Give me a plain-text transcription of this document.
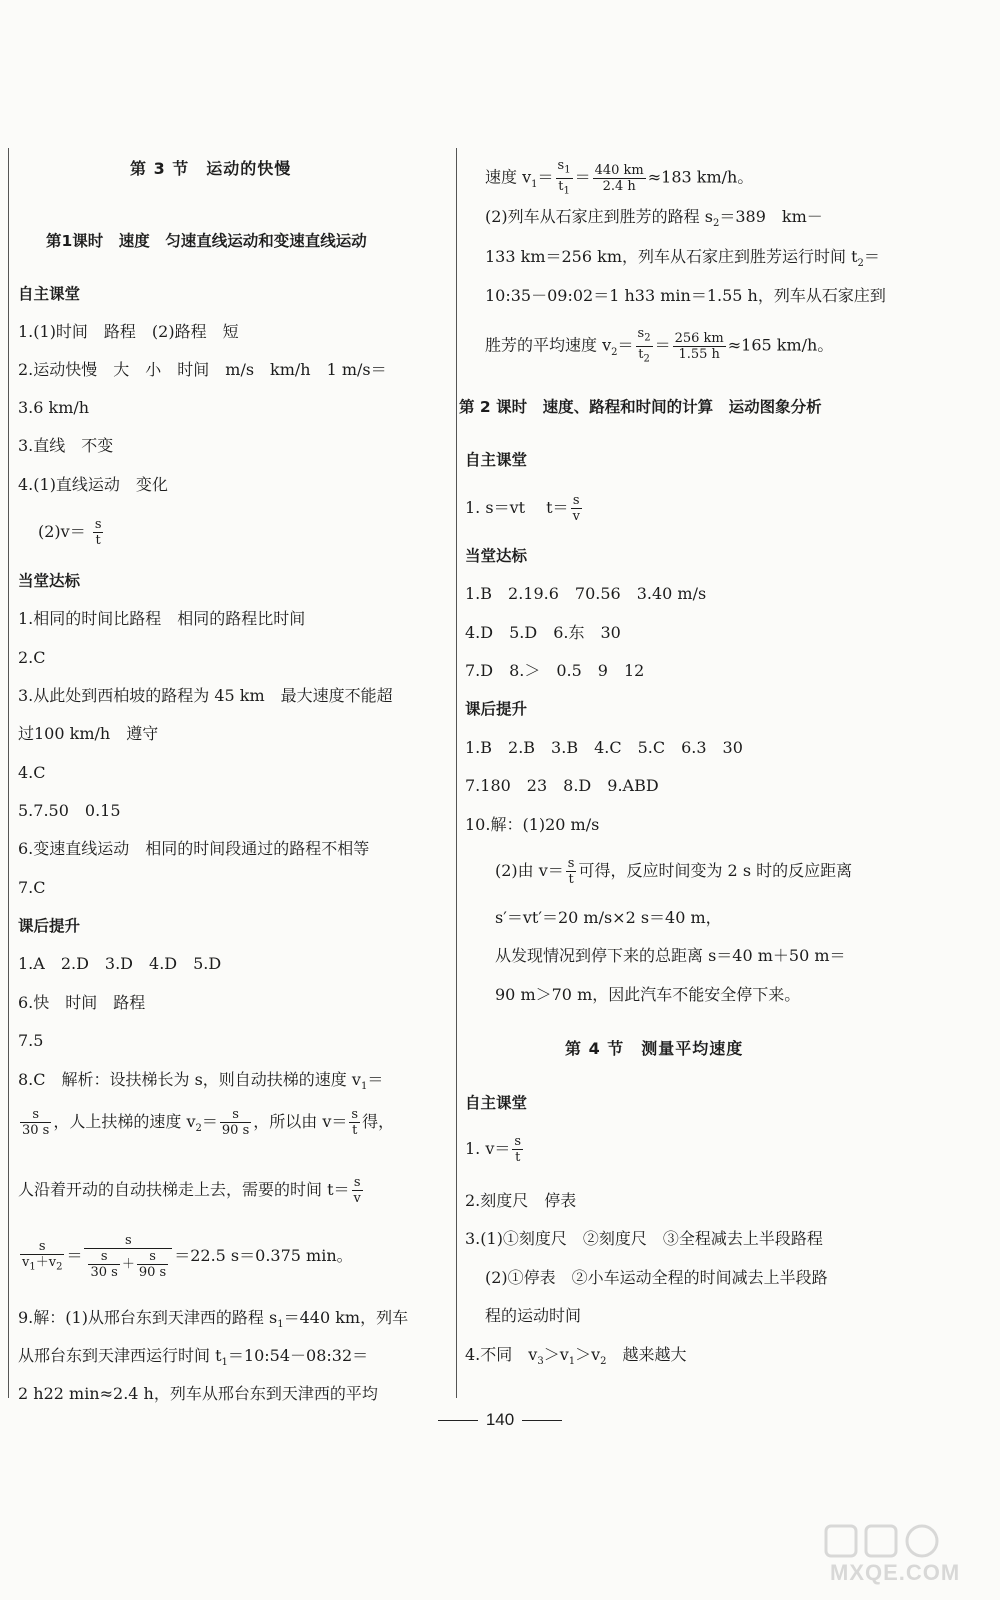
第 3 节　运动的快慢
第1课时　速度　匀速直线运动和变速直线运动
自主课堂
1.(1)时间　路程　(2)路程　短
2.运动快慢　大　小　时间　m/s　km/h　1 m/s＝
3.6 km/h
3.直线　不变
4.(1)直线运动　变化
$(2)v= \frac{s}{t}$
当堂达标
1.相同的时间比路程　相同的路程比时间
2.C
3.从此处到西柏坡的路程为 45 km　最大速度不能超
过100 km/h　遵守
4.C
5.7.50　0.15
6.变速直线运动　相同的时间段通过的路程不相等
7.C
课后提升
1.A　2.D　3.D　4.D　5.D
6.快　时间　路程
7.5
8.C　解析：设扶梯长为 s，则自动扶梯的速度 $v_1=$
$\frac{s}{30 s}$ ，人上扶梯的速度 $v_2= \frac{s}{90 s}$ ，所以由 $v= \frac{s}{t}$ 得，
人沿着开动的自动扶梯走上去，需要的时间 $t= \frac{s}{v}$
$\frac{s}{v_1+v_2} = \frac{s}{\frac{s}{30 s} + \frac{s}{90 s}} =22.5$ s＝0.375 min。
9.解：(1)从邢台东到天津西的路程 $s_1=440$ km，列车
从邢台东到天津西运行时间 $t_1=10:54-08:32=$
2 h22 min≈2.4 h，列车从邢台东到天津西的平均
速度 $v_1= \frac{s_1}{t_1} = \frac{440 km}{2.4 h} \approx 183$ km/h。
(2)列车从石家庄到胜芳的路程 $s_2=389$　km－
133 km＝256 km，列车从石家庄到胜芳运行时间 $t_2=$
10:35－09:02＝1 h33 min＝1.55 h，列车从石家庄到
胜芳的平均速度 $v_2= \frac{s_2}{t_2} = \frac{256 km}{1.55 h} \approx 165$ km/h。
第 2 课时　速度、路程和时间的计算　运动图象分析
自主课堂
1. s＝vt　 $t= \frac{s}{v}$
当堂达标
1.B　2.19.6　70.56　3.40 m/s
4.D　5.D　6.东　30
7.D　8.＞　0.5　9　12
课后提升
1.B　2.B　3.B　4.C　5.C　6.3　30
7.180　23　8.D　9.ABD
10.解：(1)20 m/s
(2)由 $v= \frac{s}{t}$ 可得，反应时间变为 2 s 时的反应距离
s′＝vt′＝20 m/s×2 s＝40 m，
从发现情况到停下来的总距离 s＝40 m＋50 m＝
90 m＞70 m，因此汽车不能安全停下来。
第 4 节　测量平均速度
自主课堂
1. $v= \frac{s}{t}$
2.刻度尺　停表
3.(1)①刻度尺　②刻度尺　③全程减去上半段路程
(2)①停表　②小车运动全程的时间减去上半段路
程的运动时间
4.不同　$v_3>v_1>v_2$　 越来越大
140
MXQE.COM
